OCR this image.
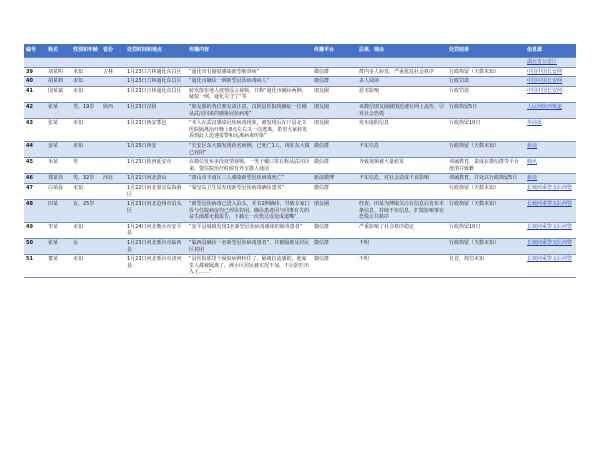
编号	姓名	性别和年龄	省份	处罚时间和地点	传播内容	传播平台	后果、理由	处罚结果	信息源
									湖北省公安厅
39	刘某明	未知	吉林	1月23日吉林通化东昌区	“通化市有疑似感染新型肺炎病”	微信群	群内多人转发，严重扰乱社会秩序	行政拘留（天数未知）	中国中国长安网
40	胡某莉	未知		1月23日吉林通化东昌区	“通化市确诊一例新型冠状病毒病人”	微信群	多人阅读	行政罚款	中国中国长安网
41	国某斌	未知		1月23日吉林通化东昌区	转发散布他人疫情谣言视频，并称“通化市确诊两例，疑似一例，通化失守了”等	朋友圈	恶劣影响	行政罚款	中国中国长安网
42	张某	男，19岁	陕西	1月23日汉阴	“朋友圈的各位朋友请注意，汉阴县医院现确证一位刚从武汉回来的感染冠状病毒”	朋友圈	该微信朋友圈截图迅速在网上流传，引发社会恐慌	行政拘留5日	人民网陕西频道
43	张某	未知		1月23日西安鄠邑	“本人在武汉感染冠状病毒现象，被发现后在户县北关医院隔离治疗晚上8点左右又一次逃离，希望大家转发看到此人迅速报警和远离病毒传染”	朋友圈	发布虚假信息	行政拘留10日	华商报
44	姜某	未知		1月25日西安	“长安区东大镇发现药名病例，已死亡1人，现在东大镇已封闭”	微信群	不实信息	行政拘留（天数未知）	新浪
45	禾某	男		1月23日陕西延安市	在微信发布多段疫情视频，一男子戴口罩在称从武汉回来，要住院治疗时候有外交摄人通话	微信群	导致视频被大量转发	训诫教育，责成在微信群等平台澄清并致歉	腾讯
46	郑某伟	男，32岁	河北	1月21日河北唐山	“唐山市丰南区三人感染新型冠状病毒死亡”	新浪微博	不实信息，对社会造成不良影响	训诫教育，并处以行政拘留5日	新浪
47	白某晨	未知		1月22日河北秦皇岛海港区	“秦皇岛卫生局发现新型冠状病毒确诊患者”	微信群		行政拘留（天数未知）	长城网乘警支队网警
48	田某	女，25岁		1月23日河北沧州市泊头区	“新型冠状病毒已进入泊头，并有2例确诊，导致专家门诊与住院病房均已停诊封闭，确诊患者因与同事有关的益生菌都无救报告，下载让一次悟过谣变成道嘴”	朋友圈	经查，田某为博取关注在信息后发布本条信息，持续不实信息，扩散影响事实恐慌公共秩序	行政拘留（天数未知）	长城网乘警支队网警
49	李某	未知		1月24日河北衡水市安平县	“安平县城镇发现1名新型冠状病毒感染的肺炎患者”	微信群	严重影响了社会秩序稳定	行政拘留10日	长城网乘警支队网警
50	张某	女		1月23日河北邢台市临西县	“临西县确诊一名新型冠状病毒患者”，并被隔离及居民区封闭	微信群	不明	行政拘留（天数未知）	长城网乘警支队网警
51	董某	未知		1月23日河北邢台市清河县	“县医院那里个疑似病例传住了，隔离拉流感的，他家里人都被隔离了，满小区居民被实况不加，不让防拦出入了……”	微信群	不明	自首，拘罚未知	长城网乘警支队网警
